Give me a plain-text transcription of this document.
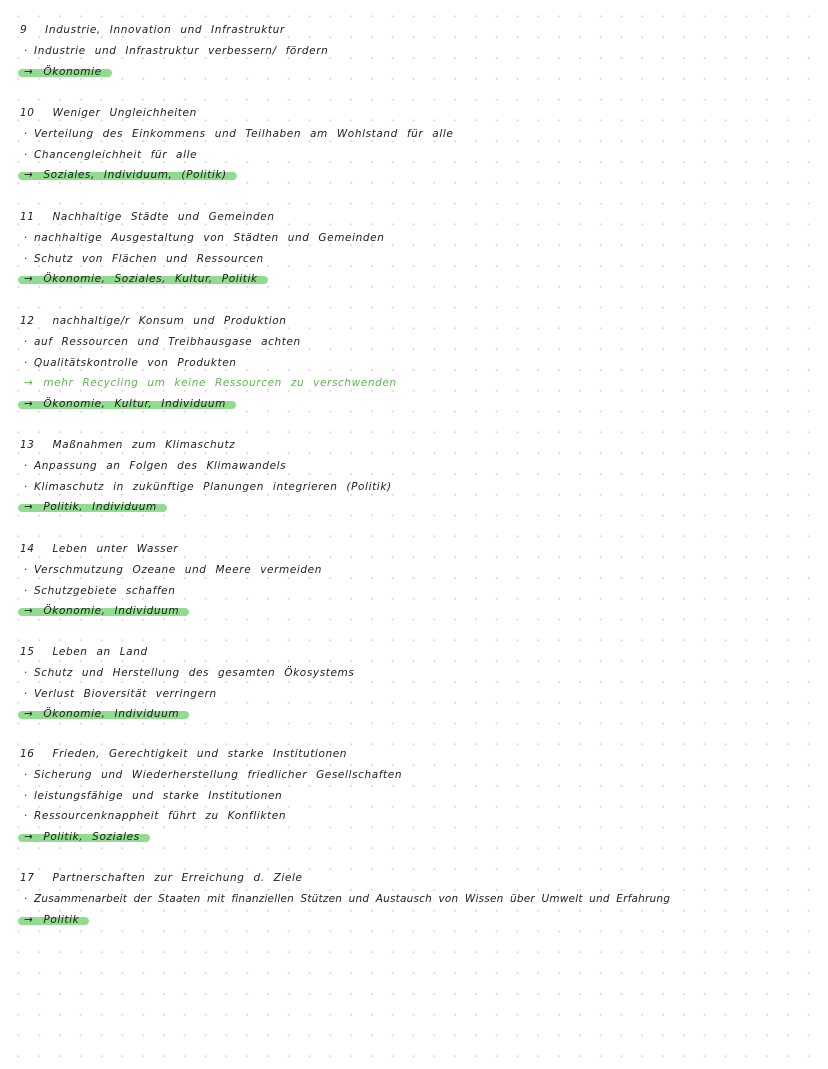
9 Industrie, Innovation und Infrastruktur
· Industrie und Infrastruktur verbessern/ fördern
→ Ökonomie
10 Weniger Ungleichheiten
· Verteilung des Einkommens und Teilhaben am Wohlstand für alle
· Chancengleichheit für alle
→ Soziales, Individuum, (Politik)
11 Nachhaltige Städte und Gemeinden
· nachhaltige Ausgestaltung von Städten und Gemeinden
· Schutz von Flächen und Ressourcen
→ Ökonomie, Soziales, Kultur, Politik
12 nachhaltige/r Konsum und Produktion
· auf Ressourcen und Treibhausgase achten
· Qualitätskontrolle von Produkten
→ mehr Recycling um keine Ressourcen zu verschwenden
→ Ökonomie, Kultur, Individuum
13 Maßnahmen zum Klimaschutz
· Anpassung an Folgen des Klimawandels
· Klimaschutz in zukünftige Planungen integrieren (Politik)
→ Politik, Individuum
14 Leben unter Wasser
· Verschmutzung Ozeane und Meere vermeiden
· Schutzgebiete schaffen
→ Ökonomie, Individuum
15 Leben an Land
· Schutz und Herstellung des gesamten Ökosystems
· Verlust Bioversität verringern
→ Ökonomie, Individuum
16 Frieden, Gerechtigkeit und starke Institutionen
· Sicherung und Wiederherstellung friedlicher Gesellschaften
· leistungsfähige und starke Institutionen
· Ressourcenknappheit führt zu Konflikten
→ Politik, Soziales
17 Partnerschaften zur Erreichung d. Ziele
· Zusammenarbeit der Staaten mit finanziellen Stützen und Austausch von Wissen über Umwelt und Erfahrung
→ Politik
